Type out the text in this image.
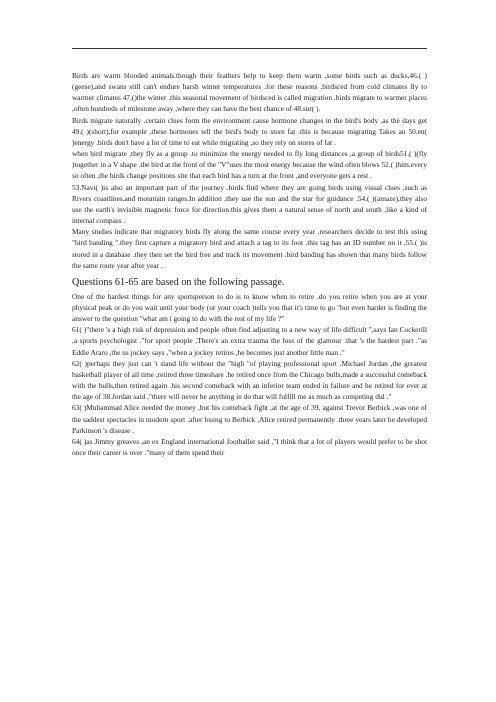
Birds are warm blooded animals.though their feathers help to keep them warm ,some birds such as ducks,46.( )(geese),and swans still can't endure harsh winter temperatures .for these reasons ,birdsced from cold climates fly to warmer climates 47.()the winter .this seasonal movement of birdsced is called migration .birds migrate to warmer places ,often hundreds of milestone away ,where they can have the best chance of 48.sur( ).

Birds migrate naturally .certain clues form the environment cause hormone changes in the bird's body .as the days get 49.( )(short),for example ,these hormones tell the bird's body to store fat .this is because migrating Takes an 50.en( )energy .birds don't have a lot of time to eat while migrating ,so they rely on stores of fat .

when bird migrate ,they fly as a group .to minimize the energy needed to fly long distances ,a group of birds51.( )(fly )together in a V shape .the bird at the front of the "V"uses the most energy because the wind often blows 52.( )him.every so often ,the birds change positions site that each bird has a turn at the front ,and everyone gets a rest .

53.Navi( )is also an important part of the journey .birds find where they are going birds using visual clues ,such as Rivers coastlines,and mountain ranges.In addition ,they use the sun and the star for guidance .54.( )(amaze),they also use the earth's invisible magnetic force for direction.this gives them a natural sense of north and south ,like a kind of internal compass .

Many studies indicate that migratory birds fly along the same course every year .researchers decide to test this using "bird banding ".they first capture a migratory bird and attach a tag to its foot .this tag has an ID number on it ,55.( )is stored in a database .they then set the bird free and track its movement .bird banding has shown that many birds follow the same route year after year .

Questions 61-65 are based on the following passage.

One of the hardest things for any sportsperson to do is to know when to retire .do you retire when you are at your physical peak or do you wait until your body (or your coach )tells you that it's time to go "but even harder is finding the answer to the question "what am i going to do with the rest of my life ?"

61( )"there 's a high risk of depression and people often find adjusting to a new way of life difficult ",says Ian Cockerill ,a sports psychologist ."for sport people ,There's an extra trauma the loss of the glamour .that 's the hardest part ."as Eddie Araro ,the us jockey says ,"when a jockey retires ,he becomes just another little man ."

62( )perhaps they just can 't stand life without the "high "of playing professional sport .Michael Jordan ,the greatest basketball player of all time ,retired three timeshare .he retired once from the Chicago bulls,made a successful comeback with the bulls,then retired again .his second comeback with an inferior team ended in failure and he retired for ever at the age of 38.Jordan said ,"there will never be anything in do that will fulfill me as much as competing did ."

63( )Muhammad Alice needed the money ,but his comeback fight ,at the age of 39, against Trevor Berbick ,was one of the saddest spectacles in modern sport .after losing to Berbick ,Alice retired permanently .three years later he developed Parkinson 's disease .

64( )as Jimmy greaves ,an ex England international footballer said ,"I think that a lot of players would prefer to be shot once their career is over ."many of them spend their
